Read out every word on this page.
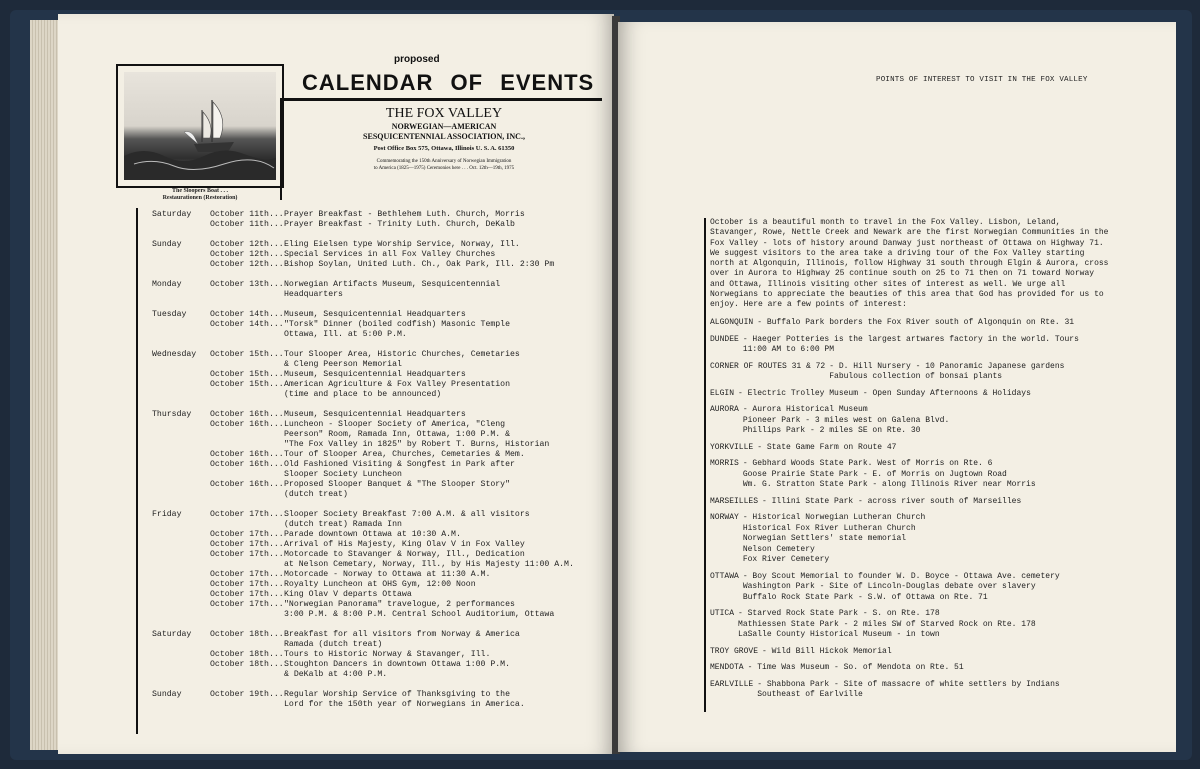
The Sloopers Boat . . .
Restaurationen (Restoration)
proposed
CALENDAR OF EVENTS
THE FOX VALLEY
NORWEGIAN—AMERICAN
SESQUICENTENNIAL ASSOCIATION, INC.,
Post Office Box 575, Ottawa, Illinois U. S. A. 61350
Commemorating the 150th Anniversary of Norwegian Immigration
to America (1825—1975) Ceremonies here . . . Oct. 12th—19th, 1975
Saturday	October 11th... Prayer Breakfast - Bethlehem Luth. Church, Morris
October 11th... Prayer Breakfast - Trinity Luth. Church, DeKalb
Sunday	October 12th... Eling Eielsen type Worship Service, Norway, Ill.
October 12th... Special Services in all Fox Valley Churches
October 12th... Bishop Soylan, United Luth. Ch., Oak Park, Ill. 2:30 Pm
Monday	October 13th... Norwegian Artifacts Museum, Sesquicentennial
Headquarters
Tuesday	October 14th... Museum, Sesquicentennial Headquarters
October 14th... "Torsk" Dinner (boiled codfish) Masonic Temple
Ottawa, Ill. at 5:00 P.M.
Wednesday	October 15th... Tour Slooper Area, Historic Churches, Cemetaries
& Cleng Peerson Memorial
October 15th... Museum, Sesquicentennial Headquarters
October 15th... American Agriculture & Fox Valley Presentation
(time and place to be announced)
Thursday	October 16th... Museum, Sesquicentennial Headquarters
October 16th... Luncheon - Slooper Society of America, "Cleng
Peerson" Room, Ramada Inn, Ottawa, 1:00 P.M. &
"The Fox Valley in 1825" by Robert T. Burns, Historian
October 16th... Tour of Slooper Area, Churches, Cemetaries & Mem.
October 16th... Old Fashioned Visiting & Songfest in Park after
Slooper Society Luncheon
October 16th... Proposed Slooper Banquet & "The Slooper Story"
(dutch treat)
Friday	October 17th... Slooper Society Breakfast 7:00 A.M. & all visitors
(dutch treat) Ramada Inn
October 17th... Parade downtown Ottawa at 10:30 A.M.
October 17th... Arrival of His Majesty, King Olav V in Fox Valley
October 17th... Motorcade to Stavanger & Norway, Ill., Dedication
at Nelson Cemetary, Norway, Ill., by His Majesty 11:00 A.M.
October 17th... Motorcade - Norway to Ottawa at 11:30 A.M.
October 17th... Royalty Luncheon at OHS Gym, 12:00 Noon
October 17th... King Olav V departs Ottawa
October 17th... "Norwegian Panorama" travelogue, 2 performances
3:00 P.M. & 8:00 P.M. Central School Auditorium, Ottawa
Saturday	October 18th... Breakfast for all visitors from Norway & America
Ramada (dutch treat)
October 18th... Tours to Historic Norway & Stavanger, Ill.
October 18th... Stoughton Dancers in downtown Ottawa 1:00 P.M.
& DeKalb at 4:00 P.M.
Sunday	October 19th... Regular Worship Service of Thanksgiving to the
Lord for the 150th year of Norwegians in America.
POINTS OF INTEREST TO VISIT IN THE FOX VALLEY
October is a beautiful month to travel in the Fox Valley. Lisbon, Leland, Stavanger, Rowe, Nettle Creek and Newark are the first Norwegian Communities in the Fox Valley - lots of history around Danway just northeast of Ottawa on Highway 71. We suggest visitors to the area take a driving tour of the Fox Valley starting north at Algonquin, Illinois, follow Highway 31 south through Elgin & Aurora, cross over in Aurora to Highway 25 continue south on 25 to 71 then on 71 toward Norway and Ottawa, Illinois visiting other sites of interest as well. We urge all Norwegians to appreciate the beauties of this area that God has provided for us to enjoy. Here are a few points of interest:
ALGONQUIN - Buffalo Park borders the Fox River south of Algonquin on Rte. 31
DUNDEE - Haeger Potteries is the largest artwares factory in the world. Tours
11:00 AM to 6:00 PM
CORNER OF ROUTES 31 & 72 - D. Hill Nursery - 10 Panoramic Japanese gardens
Fabulous collection of bonsai plants
ELGIN - Electric Trolley Museum - Open Sunday Afternoons & Holidays
AURORA - Aurora Historical Museum
Pioneer Park - 3 miles west on Galena Blvd.
Phillips Park - 2 miles SE on Rte. 30
YORKVILLE - State Game Farm on Route 47
MORRIS - Gebhard Woods State Park. West of Morris on Rte. 6
Goose Prairie State Park - E. of Morris on Jugtown Road
Wm. G. Stratton State Park - along Illinois River near Morris
MARSEILLES - Illini State Park - across river south of Marseilles
NORWAY - Historical Norwegian Lutheran Church
Historical Fox River Lutheran Church
Norwegian Settlers' state memorial
Nelson Cemetery
Fox River Cemetery
OTTAWA - Boy Scout Memorial to founder W. D. Boyce - Ottawa Ave. cemetery
Washington Park - Site of Lincoln-Douglas debate over slavery
Buffalo Rock State Park - S.W. of Ottawa on Rte. 71
UTICA - Starved Rock State Park - S. on Rte. 178
Mathiessen State Park - 2 miles SW of Starved Rock on Rte. 178
LaSalle County Historical Museum - in town
TROY GROVE - Wild Bill Hickok Memorial
MENDOTA - Time Was Museum - So. of Mendota on Rte. 51
EARLVILLE - Shabbona Park - Site of massacre of white settlers by Indians
Southeast of Earlville
